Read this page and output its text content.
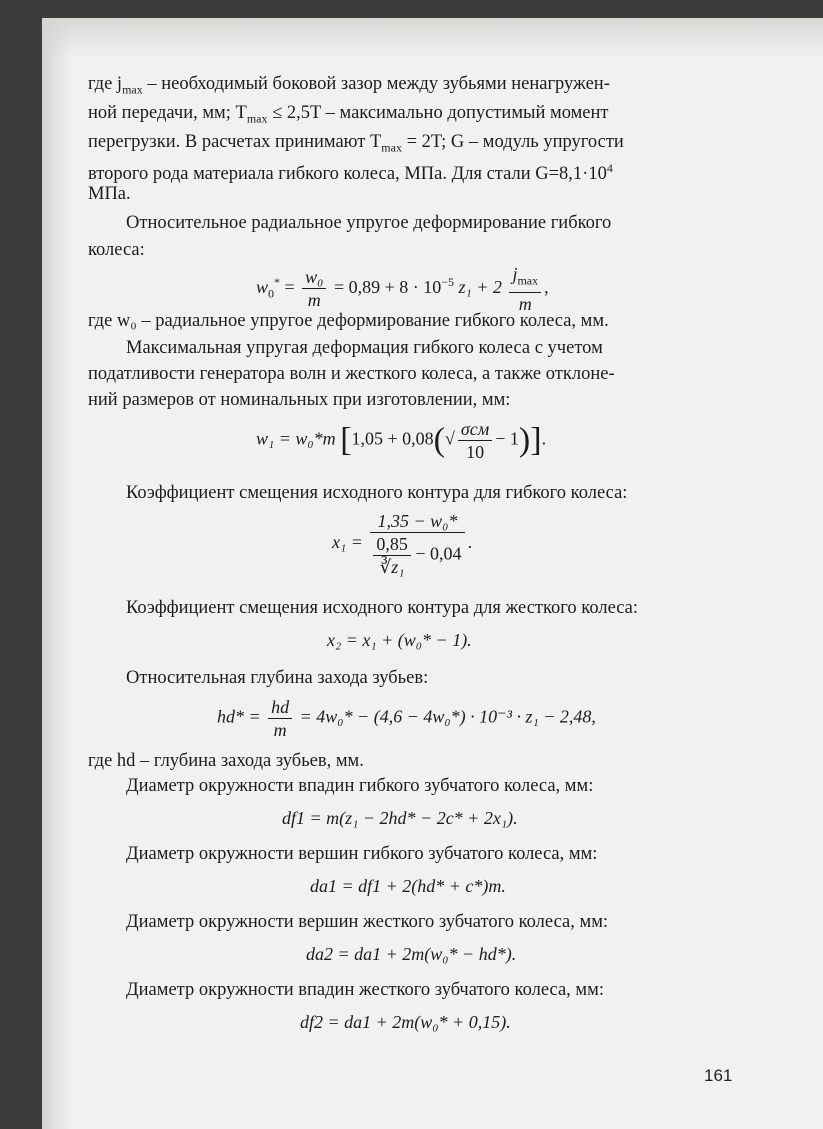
где $j_{max}$ – необходимый боковой зазор между зубьями ненагружен-
ной передачи, мм; $T_{max} \le 2,5T$ – максимально допустимый момент
перегрузки. В расчетах принимают $T_{max} = 2T$; G – модуль упругости
второго рода материала гибкого колеса, МПа. Для стали $G=8,1\cdot 10^4$
МПа.
Относительное радиальное упругое деформирование гибкого
колеса:
$w_0^* = \frac{\text{w₀}}{m} = 0,89 + 8 \cdot 10^{-5}$ $z_1 + 2 \frac{j_{max}}{m}$ ,
где w₀ – радиальное упругое деформирование гибкого колеса, мм.
Максимальная упругая деформация гибкого колеса с учетом
податливости генератора волн и жесткого колеса, а также отклоне-
ний размеров от номинальных при изготовлении, мм:
w₁ = w₀*m $[1,05 + 0,08(√ \frac{\text{σсм}}{10} - 1)]$.
Коэффициент смещения исходного контура для гибкого колеса:
$x_1 = \frac{\text{1,35 − w₀*}}{\frac{0,85}{\text{∛z₁}} - 0,04}$ .
Коэффициент смещения исходного контура для жесткого колеса:
x₂ = x₁ + (w₀* − 1).
Относительная глубина захода зубьев:
$hd* = \frac{hd}{m} = 4w_0* - (4,6 - 4w_0*) \cdot 10^{-3} \cdot z_1 - 2,48$,
где hd – глубина захода зубьев, мм.
Диаметр окружности впадин гибкого зубчатого колеса, мм:
df1 = m(z₁ − 2hd* − 2c* + 2x₁).
Диаметр окружности вершин гибкого зубчатого колеса, мм:
da1 = df1 + 2(hd* + c*)m.
Диаметр окружности вершин жесткого зубчатого колеса, мм:
da2 = da1 + 2m(w₀* − hd*).
Диаметр окружности впадин жесткого зубчатого колеса, мм:
df2 = da1 + 2m(w₀* + 0,15).
161
